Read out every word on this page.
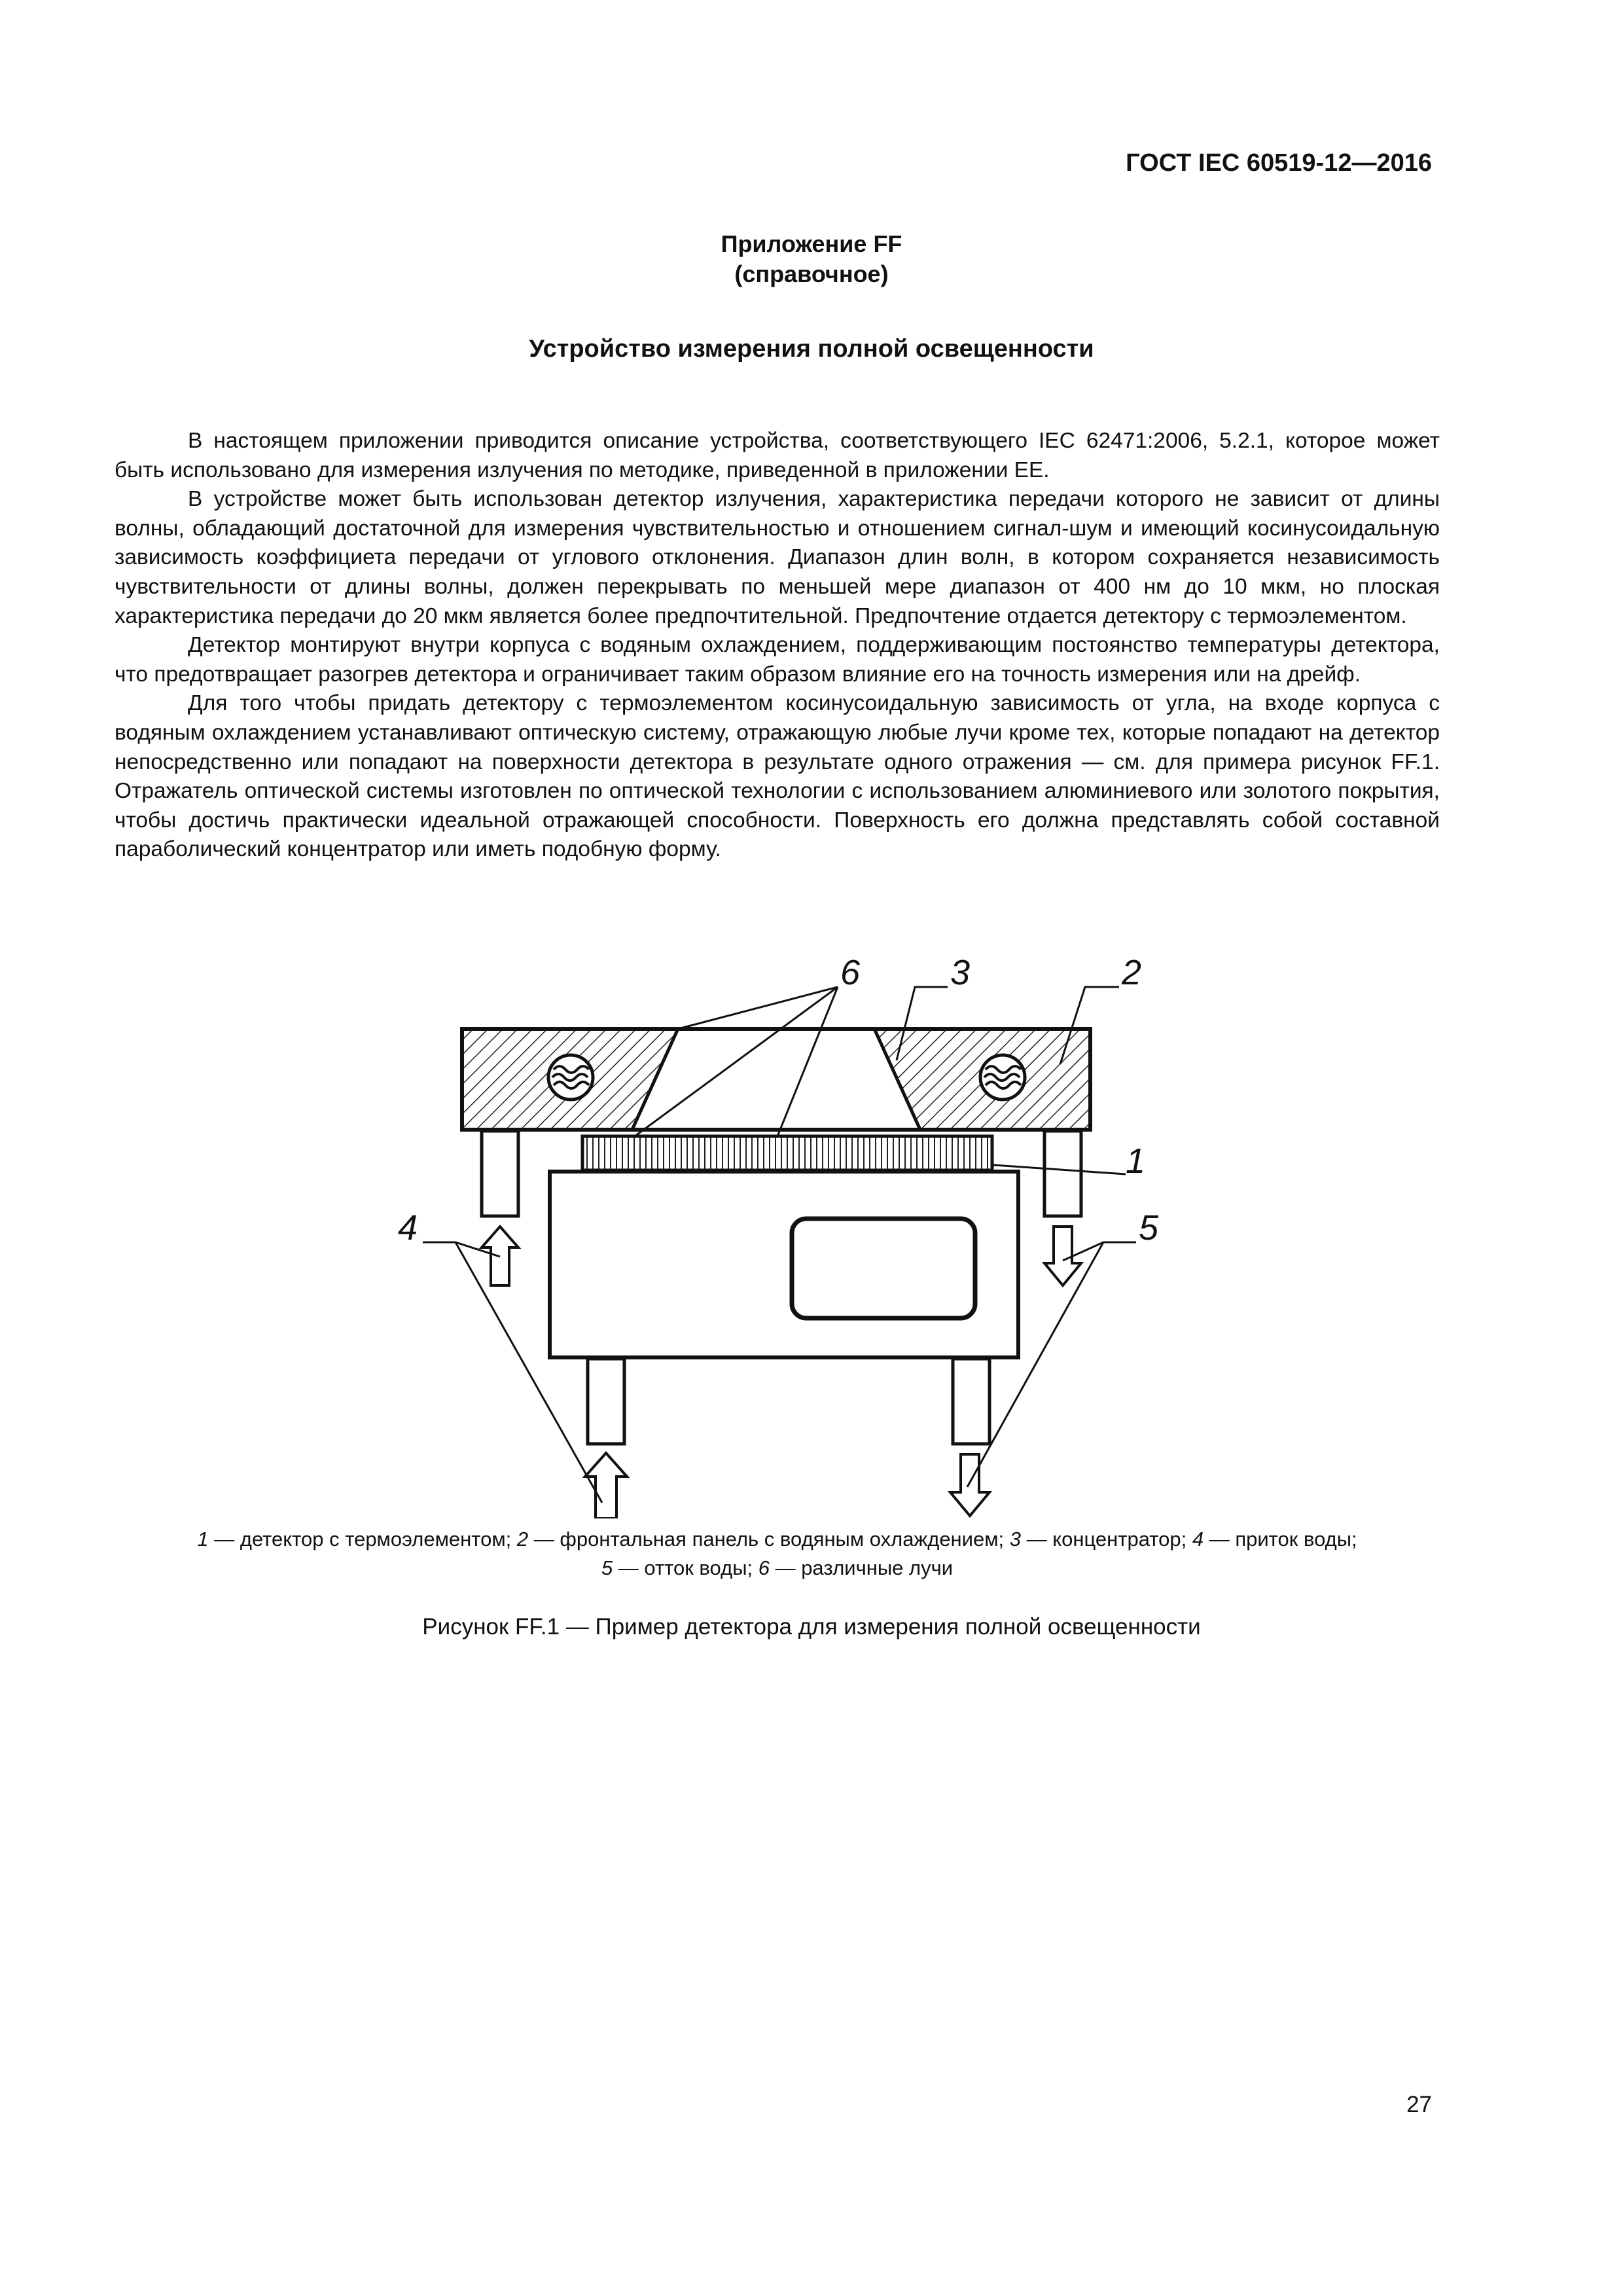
ГОСТ IEC 60519-12—2016
Приложение FF
(справочное)
Устройство измерения полной освещенности

В настоящем приложении приводится описание устройства, соответствующего IEC 62471:2006, 5.2.1, которое может быть использовано для измерения излучения по методике, приведенной в приложении EE.

В устройстве может быть использован детектор излучения, характеристика передачи которого не зависит от длины волны, обладающий достаточной для измерения чувствительностью и отношением сигнал-шум и имеющий косинусоидальную зависимость коэффициета передачи от углового отклонения. Диапазон длин волн, в котором сохраняется независимость чувствительности от длины волны, должен перекрывать по меньшей мере диапазон от 400 нм до 10 мкм, но плоская характеристика передачи до 20 мкм является более предпочтительной. Предпочтение отдается детектору с термоэлементом.

Детектор монтируют внутри корпуса с водяным охлаждением, поддерживающим постоянство температуры детектора, что предотвращает разогрев детектора и ограничивает таким образом влияние его на точность измерения или на дрейф.

Для того чтобы придать детектору с термоэлементом косинусоидальную зависимость от угла, на входе корпуса с водяным охлаждением устанавливают оптическую систему, отражающую любые лучи кроме тех, которые попадают на детектор непосредственно или попадают на поверхности детектора в результате одного отражения — см. для примера рисунок FF.1. Отражатель оптической системы изготовлен по оптической технологии с использованием алюминиевого или золотого покрытия, чтобы достичь практически идеальной отражающей способности. Поверхность его должна представлять собой составной параболический концентратор или иметь подобную форму.

6	3	2
1
4	5
1 — детектор с термоэлементом; 2 — фронтальная панель с водяным охлаждением; 3 — концентратор; 4 — приток воды;
5 — отток воды; 6 — различные лучи
Рисунок FF.1 — Пример детектора для измерения полной освещенности
27
